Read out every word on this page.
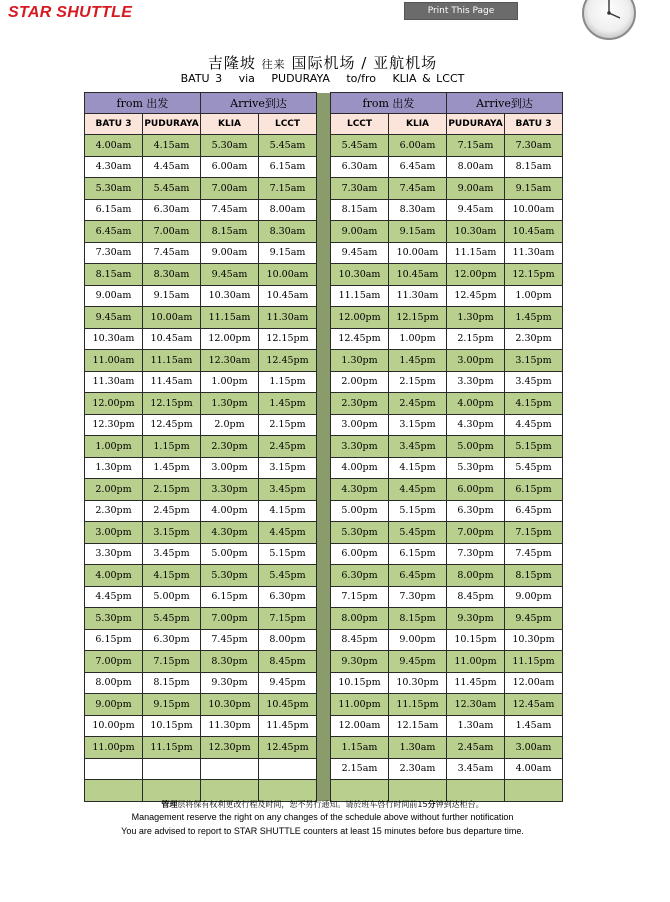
STAR SHUTTLE	Print This Page
吉隆坡 往来 国际机场 / 亚航机场
BATU 3   via   PUDURAYA   to/fro   KLIA & LCCT
from 出发		Arrive到达			from 出发		Arrive到达	
BATU 3	PUDURAYA	KLIA	LCCT		LCCT	KLIA	PUDURAYA	BATU 3
4.00am	4.15am	5.30am	5.45am		5.45am	6.00am	7.15am	7.30am
4.30am	4.45am	6.00am	6.15am		6.30am	6.45am	8.00am	8.15am
5.30am	5.45am	7.00am	7.15am		7.30am	7.45am	9.00am	9.15am
6.15am	6.30am	7.45am	8.00am		8.15am	8.30am	9.45am	10.00am
6.45am	7.00am	8.15am	8.30am		9.00am	9.15am	10.30am	10.45am
7.30am	7.45am	9.00am	9.15am		9.45am	10.00am	11.15am	11.30am
8.15am	8.30am	9.45am	10.00am		10.30am	10.45am	12.00pm	12.15pm
9.00am	9.15am	10.30am	10.45am		11.15am	11.30am	12.45pm	1.00pm
9.45am	10.00am	11.15am	11.30am		12.00pm	12.15pm	1.30pm	1.45pm
10.30am	10.45am	12.00pm	12.15pm		12.45pm	1.00pm	2.15pm	2.30pm
11.00am	11.15am	12.30am	12.45pm		1.30pm	1.45pm	3.00pm	3.15pm
11.30am	11.45am	1.00pm	1.15pm		2.00pm	2.15pm	3.30pm	3.45pm
12.00pm	12.15pm	1.30pm	1.45pm		2.30pm	2.45pm	4.00pm	4.15pm
12.30pm	12.45pm	2.0pm	2.15pm		3.00pm	3.15pm	4.30pm	4.45pm
1.00pm	1.15pm	2.30pm	2.45pm		3.30pm	3.45pm	5.00pm	5.15pm
1.30pm	1.45pm	3.00pm	3.15pm		4.00pm	4.15pm	5.30pm	5.45pm
2.00pm	2.15pm	3.30pm	3.45pm		4.30pm	4.45pm	6.00pm	6.15pm
2.30pm	2.45pm	4.00pm	4.15pm		5.00pm	5.15pm	6.30pm	6.45pm
3.00pm	3.15pm	4.30pm	4.45pm		5.30pm	5.45pm	7.00pm	7.15pm
3.30pm	3.45pm	5.00pm	5.15pm		6.00pm	6.15pm	7.30pm	7.45pm
4.00pm	4.15pm	5.30pm	5.45pm		6.30pm	6.45pm	8.00pm	8.15pm
4.45pm	5.00pm	6.15pm	6.30pm		7.15pm	7.30pm	8.45pm	9.00pm
5.30pm	5.45pm	7.00pm	7.15pm		8.00pm	8.15pm	9.30pm	9.45pm
6.15pm	6.30pm	7.45pm	8.00pm		8.45pm	9.00pm	10.15pm	10.30pm
7.00pm	7.15pm	8.30pm	8.45pm		9.30pm	9.45pm	11.00pm	11.15pm
8.00pm	8.15pm	9.30pm	9.45pm		10.15pm	10.30pm	11.45pm	12.00am
9.00pm	9.15pm	10.30pm	10.45pm		11.00pm	11.15pm	12.30am	12.45am
10.00pm	10.15pm	11.30pm	11.45pm		12.00am	12.15am	1.30am	1.45am
11.00pm	11.15pm	12.30pm	12.45pm		1.15am	1.30am	2.45am	3.00am
					2.15am	2.30am	3.45am	4.00am

管理层将保有权利更改行程及时间，恕不另行通知。请於班车啓行时间前15分钟到达柜台。
Management reserve the right on any changes of the schedule above without further notification
You are advised to report to STAR SHUTTLE counters at least 15 minutes before bus departure time.
